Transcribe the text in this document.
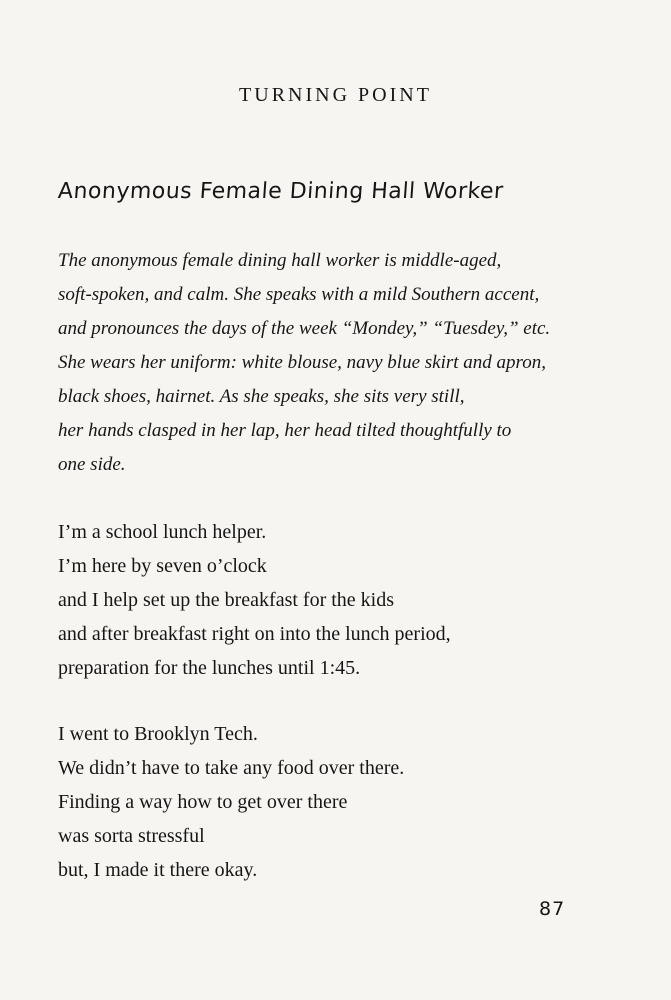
TURNING POINT
Anonymous Female Dining Hall Worker
The anonymous female dining hall worker is middle-aged,
soft-spoken, and calm. She speaks with a mild Southern accent,
and pronounces the days of the week “Mondey,” “Tuesdey,” etc.
She wears her uniform: white blouse, navy blue skirt and apron,
black shoes, hairnet. As she speaks, she sits very still,
her hands clasped in her lap, her head tilted thoughtfully to
one side.
I’m a school lunch helper.
I’m here by seven o’clock
and I help set up the breakfast for the kids
and after breakfast right on into the lunch period,
preparation for the lunches until 1:45.
I went to Brooklyn Tech.
We didn’t have to take any food over there.
Finding a way how to get over there
was sorta stressful
but, I made it there okay.
87
